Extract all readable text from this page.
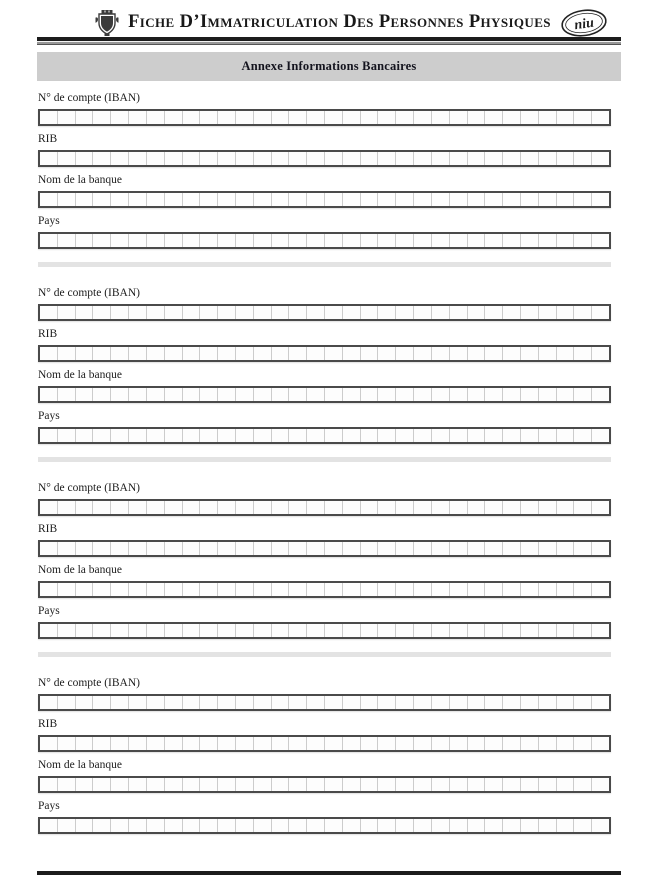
Fiche D’Immatriculation Des Personnes Physiques niu
Annexe Informations Bancaires
N° de compte (IBAN)
RIB
Nom de la banque
Pays
N° de compte (IBAN)
RIB
Nom de la banque
Pays
N° de compte (IBAN)
RIB
Nom de la banque
Pays
N° de compte (IBAN)
RIB
Nom de la banque
Pays
